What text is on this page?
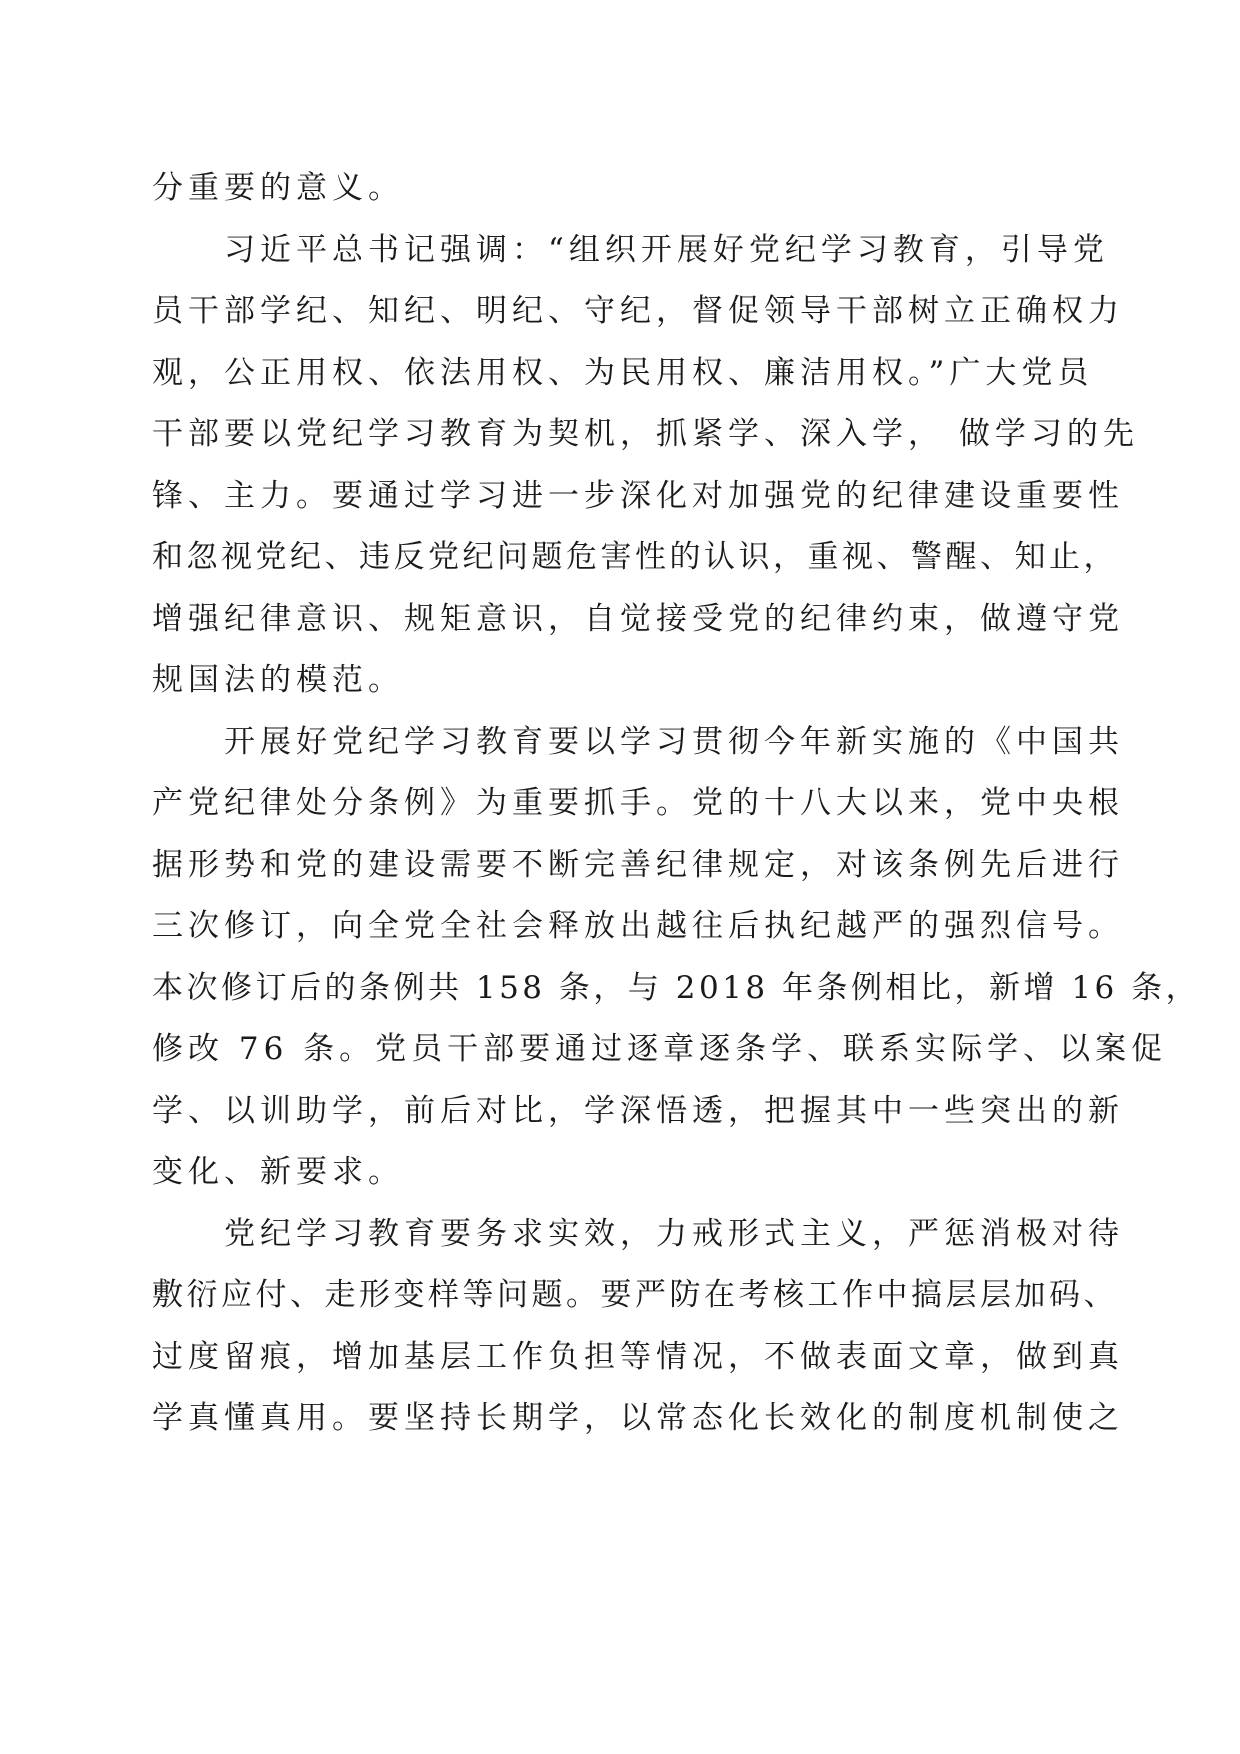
分重要的意义。
　　习近平总书记强调：“组织开展好党纪学习教育，引导党
员干部学纪、知纪、明纪、守纪，督促领导干部树立正确权力
观，公正用权、依法用权、为民用权、廉洁用权。”广大党员
干部要以党纪学习教育为契机，抓紧学、深入学， 做学习的先
锋、主力。要通过学习进一步深化对加强党的纪律建设重要性
和忽视党纪、违反党纪问题危害性的认识，重视、警醒、知止，
增强纪律意识、规矩意识，自觉接受党的纪律约束，做遵守党
规国法的模范。
　　开展好党纪学习教育要以学习贯彻今年新实施的《中国共
产党纪律处分条例》为重要抓手。党的十八大以来，党中央根
据形势和党的建设需要不断完善纪律规定，对该条例先后进行
三次修订，向全党全社会释放出越往后执纪越严的强烈信号。
本次修订后的条例共 158 条，与 2018 年条例相比，新增 16 条，
修改 76 条。党员干部要通过逐章逐条学、联系实际学、以案促
学、以训助学，前后对比，学深悟透，把握其中一些突出的新
变化、新要求。
　　党纪学习教育要务求实效，力戒形式主义，严惩消极对待
敷衍应付、走形变样等问题。要严防在考核工作中搞层层加码、
过度留痕，增加基层工作负担等情况，不做表面文章，做到真
学真懂真用。要坚持长期学，以常态化长效化的制度机制使之
